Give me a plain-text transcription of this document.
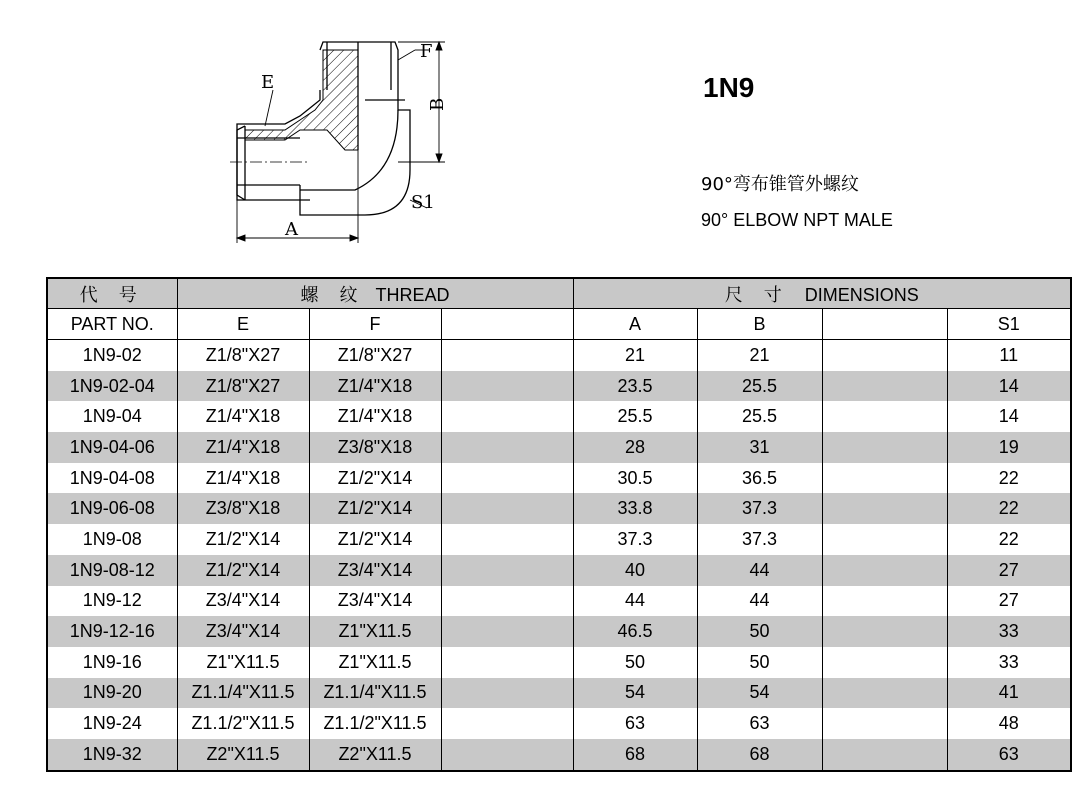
E
F
B
A
S1
1N9
90°弯布锥管外螺纹
90° ELBOW NPT MALE
代 号	螺 纹 THREAD			尺 寸 DIMENSIONS			
PART NO.	E	F		A	B		S1
1N9-02	Z1/8"X27	Z1/8"X27		21	21		11
1N9-02-04	Z1/8"X27	Z1/4"X18		23.5	25.5		14
1N9-04	Z1/4"X18	Z1/4"X18		25.5	25.5		14
1N9-04-06	Z1/4"X18	Z3/8"X18		28	31		19
1N9-04-08	Z1/4"X18	Z1/2"X14		30.5	36.5		22
1N9-06-08	Z3/8"X18	Z1/2"X14		33.8	37.3		22
1N9-08	Z1/2"X14	Z1/2"X14		37.3	37.3		22
1N9-08-12	Z1/2"X14	Z3/4"X14		40	44		27
1N9-12	Z3/4"X14	Z3/4"X14		44	44		27
1N9-12-16	Z3/4"X14	Z1"X11.5		46.5	50		33
1N9-16	Z1"X11.5	Z1"X11.5		50	50		33
1N9-20	Z1.1/4"X11.5	Z1.1/4"X11.5		54	54		41
1N9-24	Z1.1/2"X11.5	Z1.1/2"X11.5		63	63		48
1N9-32	Z2"X11.5	Z2"X11.5		68	68		63
